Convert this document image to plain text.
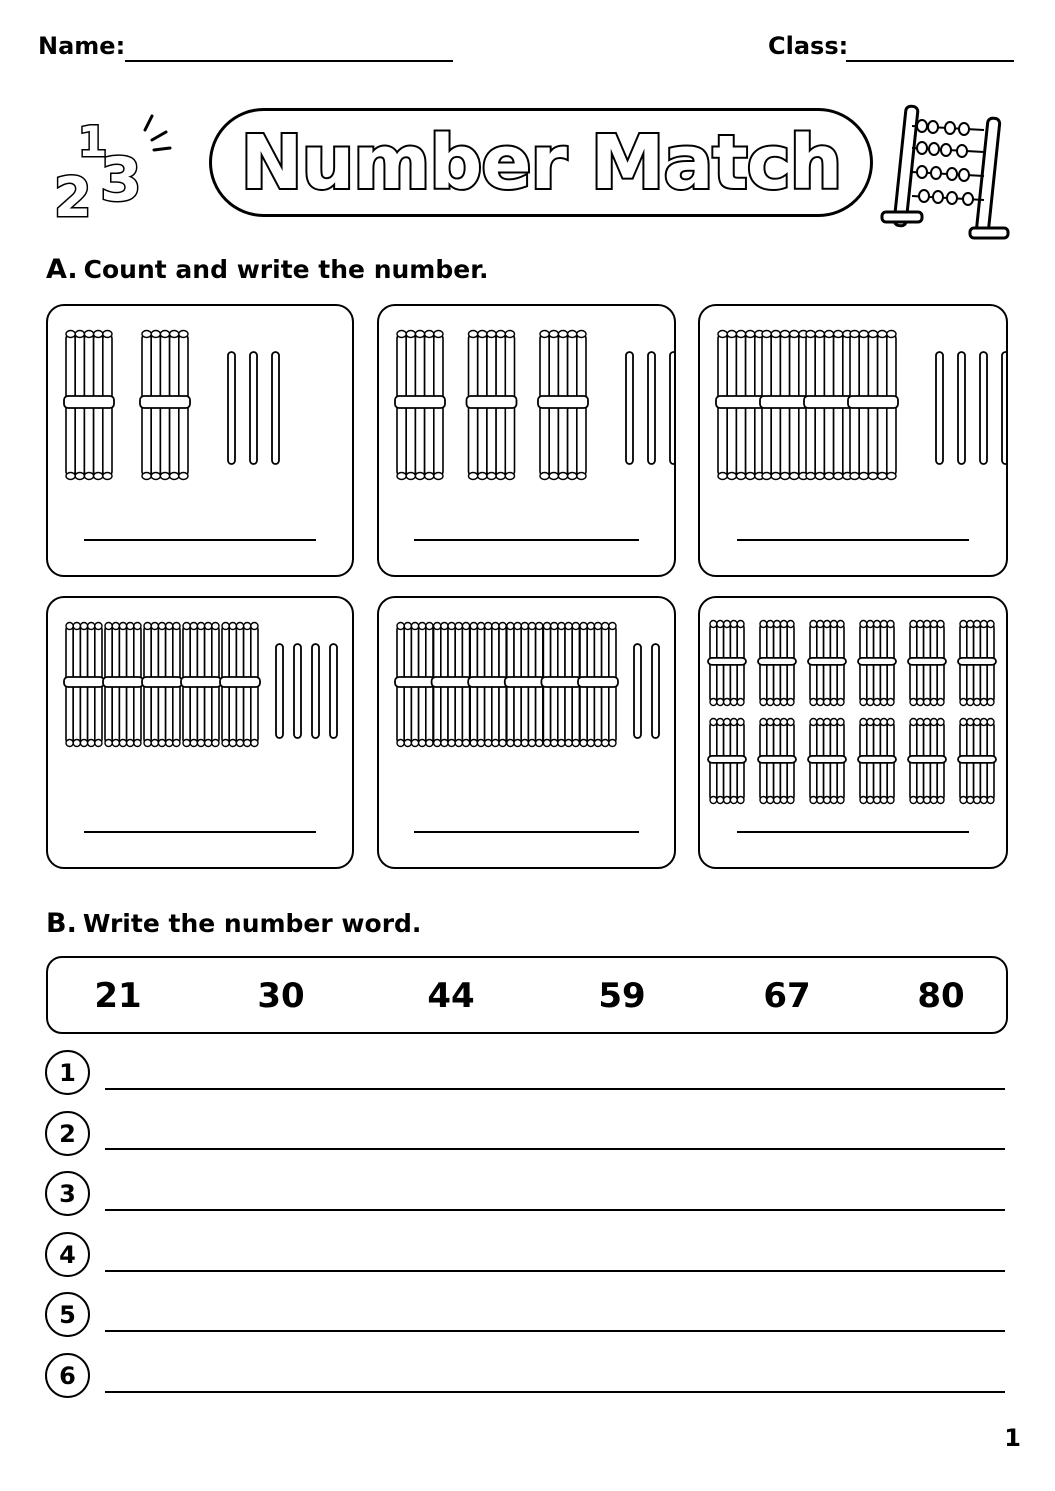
Name:	Class:
1
2 3	Number Match
A. Count and write the number.
B. Write the number word.
21	30	44	59	67	80
1
2
3
4
5
6
1
